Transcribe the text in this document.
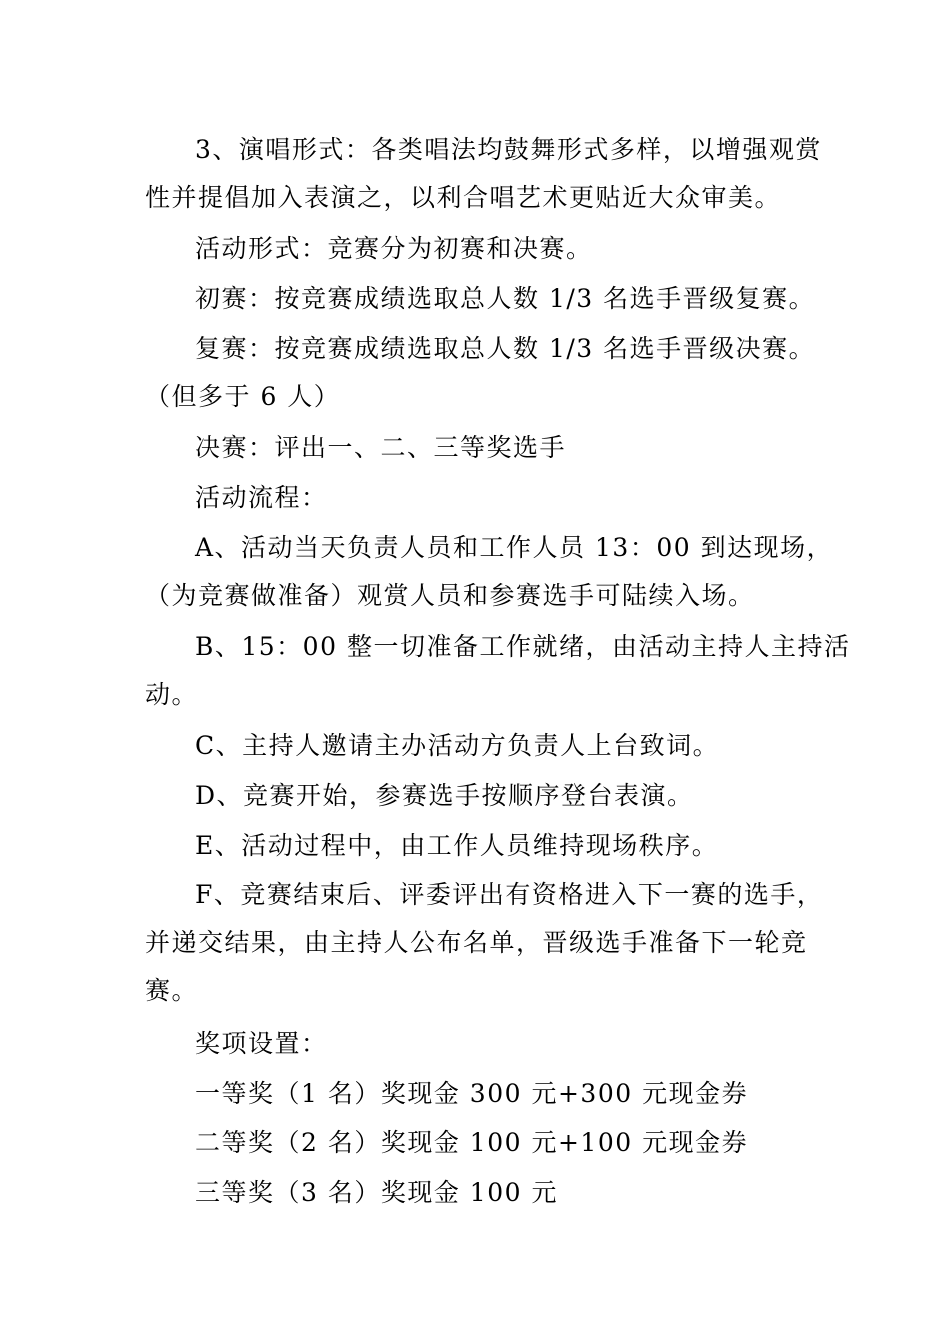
3、演唱形式：各类唱法均鼓舞形式多样，以增强观赏
性并提倡加入表演之，以利合唱艺术更贴近大众审美。
活动形式：竞赛分为初赛和决赛。
初赛：按竞赛成绩选取总人数 1/3 名选手晋级复赛。
复赛：按竞赛成绩选取总人数 1/3 名选手晋级决赛。
（但多于 6 人）
决赛：评出一、二、三等奖选手
活动流程：
A、活动当天负责人员和工作人员 13：00 到达现场，
（为竞赛做准备）观赏人员和参赛选手可陆续入场。
B、15：00 整一切准备工作就绪，由活动主持人主持活
动。
C、主持人邀请主办活动方负责人上台致词。
D、竞赛开始，参赛选手按顺序登台表演。
E、活动过程中，由工作人员维持现场秩序。
F、竞赛结束后、评委评出有资格进入下一赛的选手，
并递交结果，由主持人公布名单，晋级选手准备下一轮竞
赛。
奖项设置：
一等奖（1 名）奖现金 300 元+300 元现金券
二等奖（2 名）奖现金 100 元+100 元现金券
三等奖（3 名）奖现金 100 元
